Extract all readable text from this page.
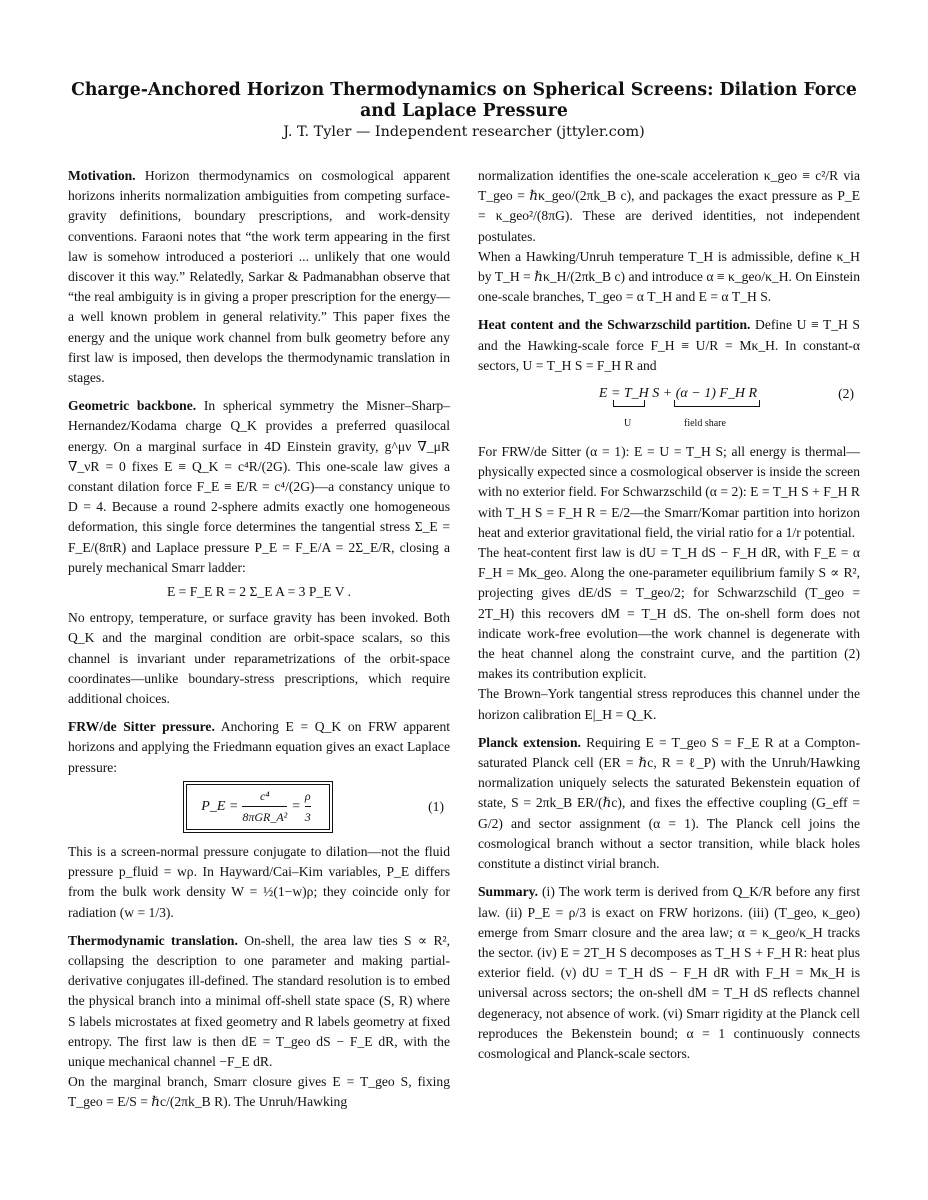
Charge-Anchored Horizon Thermodynamics on Spherical Screens: Dilation Force and Laplace Pressure
J. T. Tyler — Independent researcher (jttyler.com)

Motivation. Horizon thermodynamics on cosmological apparent horizons inherits normalization ambiguities from competing surface-gravity definitions, boundary prescriptions, and work-density conventions. Faraoni notes that “the work term appearing in the first law is somehow introduced a posteriori ... unlikely that one would discover it this way.” Relatedly, Sarkar & Padmanabhan observe that “the real ambiguity is in giving a proper prescription for the energy—a well known problem in general relativity.” This paper fixes the energy and the unique work channel from bulk geometry before any first law is imposed, then develops the thermodynamic translation in stages.

Geometric backbone. In spherical symmetry the Misner–Sharp–Hernandez/Kodama charge Q_K provides a preferred quasilocal energy. On a marginal surface in 4D Einstein gravity, g^μν ∇_μR ∇_νR = 0 fixes E ≡ Q_K = c⁴R/(2G). This one-scale law gives a constant dilation force F_E ≡ E/R = c⁴/(2G)—a constancy unique to D = 4. Because a round 2-sphere admits exactly one homogeneous deformation, this single force determines the tangential stress Σ_E = F_E/(8πR) and Laplace pressure P_E = F_E/A = 2Σ_E/R, closing a purely mechanical Smarr ladder:

E = F_E R = 2 Σ_E A = 3 P_E V .

No entropy, temperature, or surface gravity has been invoked. Both Q_K and the marginal condition are orbit-space scalars, so this channel is invariant under reparametrizations of the orbit-space coordinates—unlike boundary-stress prescriptions, which require additional choices.

FRW/de Sitter pressure. Anchoring E = Q_K on FRW apparent horizons and applying the Friedmann equation gives an exact Laplace pressure:

P_E =
c⁴
8πGR_A²
=
ρ
3
(1)

This is a screen-normal pressure conjugate to dilation—not the fluid pressure p_fluid = wρ. In Hayward/Cai–Kim variables, P_E differs from the bulk work density W = ½(1−w)ρ; they coincide only for radiation (w = 1/3).

Thermodynamic translation. On-shell, the area law ties S ∝ R², collapsing the description to one parameter and making partial-derivative conjugates ill-defined. The standard resolution is to embed the physical branch into a minimal off-shell state space (S, R) where S labels microstates at fixed geometry and R labels geometry at fixed entropy. The first law is then dE = T_geo dS − F_E dR, with the unique mechanical channel −F_E dR.

On the marginal branch, Smarr closure gives E = T_geo S, fixing T_geo = E/S = ℏc/(2πk_B R). The Unruh/Hawking

normalization identifies the one-scale acceleration κ_geo ≡ c²/R via T_geo = ℏκ_geo/(2πk_B c), and packages the exact pressure as P_E = κ_geo²/(8πG). These are derived identities, not independent postulates.

When a Hawking/Unruh temperature T_H is admissible, define κ_H by T_H = ℏκ_H/(2πk_B c) and introduce α ≡ κ_geo/κ_H. On Einstein one-scale branches, T_geo = α T_H and E = α T_H S.

Heat content and the Schwarzschild partition. Define U ≡ T_H S and the Hawking-scale force F_H ≡ U/R = Mκ_H. In constant-α sectors, U = T_H S = F_H R and

E = T_H S + (α − 1) F_H R
U	field share
(2)

For FRW/de Sitter (α = 1): E = U = T_H S; all energy is thermal—physically expected since a cosmological observer is inside the screen with no exterior field. For Schwarzschild (α = 2): E = T_H S + F_H R with T_H S = F_H R = E/2—the Smarr/Komar partition into horizon heat and exterior gravitational field, the virial ratio for a 1/r potential.

The heat-content first law is dU = T_H dS − F_H dR, with F_E = α F_H = Mκ_geo. Along the one-parameter equilibrium family S ∝ R², projecting gives dE/dS = T_geo/2; for Schwarzschild (T_geo = 2T_H) this recovers dM = T_H dS. The on-shell form does not indicate work-free evolution—the work channel is degenerate with the heat channel along the constraint curve, and the partition (2) makes its contribution explicit.

The Brown–York tangential stress reproduces this channel under the horizon calibration E|_H = Q_K.

Planck extension. Requiring E = T_geo S = F_E R at a Compton-saturated Planck cell (ER = ℏc, R = ℓ_P) with the Unruh/Hawking normalization uniquely selects the saturated Bekenstein equation of state, S = 2πk_B ER/(ℏc), and fixes the effective coupling (G_eff = G/2) and sector assignment (α = 1). The Planck cell joins the cosmological branch without a sector transition, while black holes constitute a distinct virial branch.

Summary. (i) The work term is derived from Q_K/R before any first law. (ii) P_E = ρ/3 is exact on FRW horizons. (iii) (T_geo, κ_geo) emerge from Smarr closure and the area law; α = κ_geo/κ_H tracks the sector. (iv) E = 2T_H S decomposes as T_H S + F_H R: heat plus exterior field. (v) dU = T_H dS − F_H dR with F_H = Mκ_H is universal across sectors; the on-shell dM = T_H dS reflects channel degeneracy, not absence of work. (vi) Smarr rigidity at the Planck cell reproduces the Bekenstein bound; α = 1 continuously connects cosmological and Planck-scale sectors.
